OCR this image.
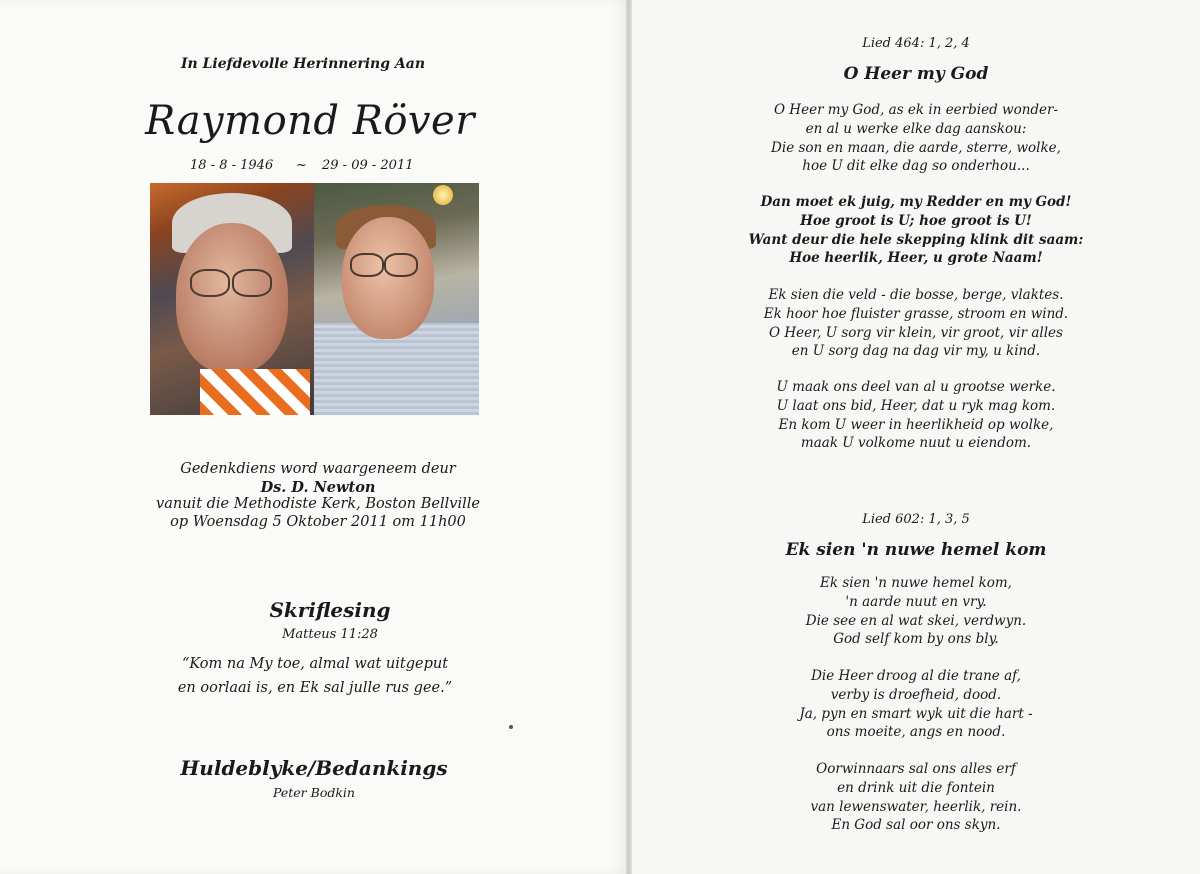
In Liefdevolle Herinnering Aan
Raymond Röver
18 - 8 - 1946 ~ 29 - 09 - 2011
Gedenkdiens word waargeneem deur
Ds. D. Newton
vanuit die Methodiste Kerk, Boston Bellville
op Woensdag 5 Oktober 2011 om 11h00
Skriflesing
Matteus 11:28
“Kom na My toe, almal wat uitgeput
en oorlaai is, en Ek sal julle rus gee.”
Huldeblyke/Bedankings
Peter Bodkin
Lied 464: 1, 2, 4
O Heer my God
O Heer my God, as ek in eerbied wonder-
en al u werke elke dag aanskou:
Die son en maan, die aarde, sterre, wolke,
hoe U dit elke dag so onderhou...
Dan moet ek juig, my Redder en my God!
Hoe groot is U; hoe groot is U!
Want deur die hele skepping klink dit saam:
Hoe heerlik, Heer, u grote Naam!
Ek sien die veld - die bosse, berge, vlaktes.
Ek hoor hoe fluister grasse, stroom en wind.
O Heer, U sorg vir klein, vir groot, vir alles
en U sorg dag na dag vir my, u kind.
U maak ons deel van al u grootse werke.
U laat ons bid, Heer, dat u ryk mag kom.
En kom U weer in heerlikheid op wolke,
maak U volkome nuut u eiendom.
Lied 602: 1, 3, 5
Ek sien 'n nuwe hemel kom
Ek sien 'n nuwe hemel kom,
'n aarde nuut en vry.
Die see en al wat skei, verdwyn.
God self kom by ons bly.
Die Heer droog al die trane af,
verby is droefheid, dood.
Ja, pyn en smart wyk uit die hart -
ons moeite, angs en nood.
Oorwinnaars sal ons alles erf
en drink uit die fontein
van lewenswater, heerlik, rein.
En God sal oor ons skyn.
